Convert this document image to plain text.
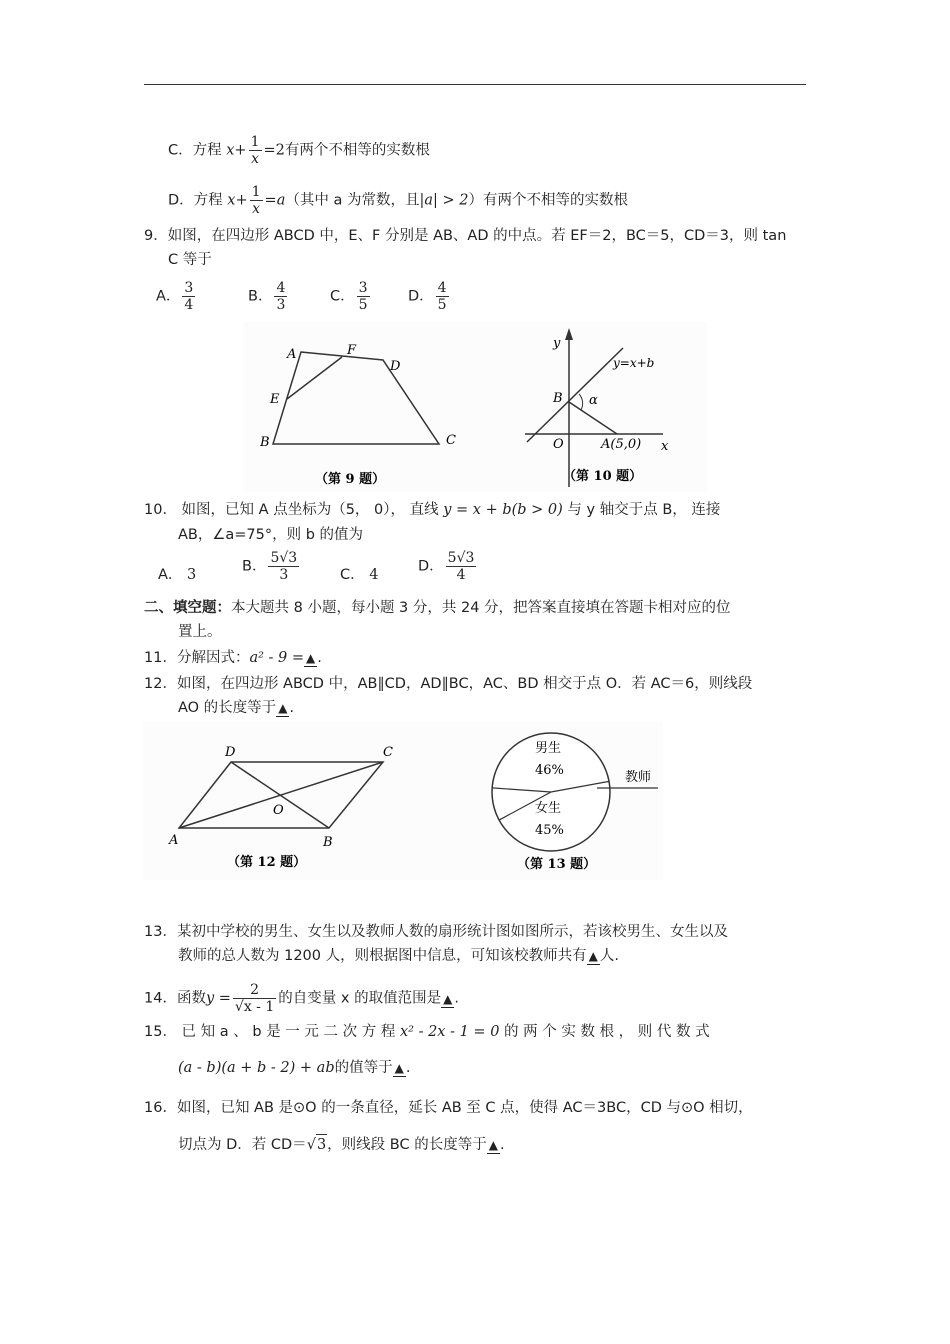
C．方程 $x+ \frac{1}{x} =2$有两个不相等的实数根
D．方程 $x+ \frac{1}{x} =a$（其中 a 为常数，且|a| > 2）有两个不相等的实数根
9．如图，在四边形 ABCD 中，E、F 分别是 AB、AD 的中点。若 EF＝2，BC＝5，CD＝3，则 tan
C 等于
A． $\frac{3}{4}$	B． $\frac{4}{3}$	C． $\frac{3}{5}$	D． $\frac{4}{5}$
A	F
D
E
B	C
（第 9 题）
y
x
O
B
A(5,0)
α
y=x+b
（第 10 题）
10． 如图，已知 A 点坐标为（5， 0）， 直线 y = x + b(b > 0) 与 y 轴交于点 B， 连接
AB，∠a=75°，则 b 的值为
A． 3
B． $\frac{5√3}{3}$	C． 4
D． $\frac{5√3}{4}$
二、填空题：本大题共 8 小题，每小题 3 分，共 24 分，把答案直接填在答题卡相对应的位
置上。
11．分解因式：a² - 9 = ▲ .
12．如图，在四边形 ABCD 中，AB∥CD，AD∥BC，AC、BD 相交于点 O．若 AC＝6，则线段
AO 的长度等于 ▲ .
D	C
O
A	B
（第 12 题）
男生
46%
女生
45%
教师
（第 13 题）
13．某初中学校的男生、女生以及教师人数的扇形统计图如图所示，若该校男生、女生以及
教师的总人数为 1200 人，则根据图中信息，可知该校教师共有 ▲ 人.
14．函数$y = \frac{2}{√x - 1}$ 的自变量 x 的取值范围是 ▲ .
15． 已 知 a 、 b 是 一 元 二 次 方 程 x² - 2x - 1 = 0 的 两 个 实 数 根 ， 则 代 数 式
(a - b)(a + b - 2) + ab的值等于 ▲ .
16．如图，已知 AB 是⊙O 的一条直径，延长 AB 至 C 点，使得 AC＝3BC，CD 与⊙O 相切，
切点为 D．若 CD＝√3，则线段 BC 的长度等于 ▲ .
